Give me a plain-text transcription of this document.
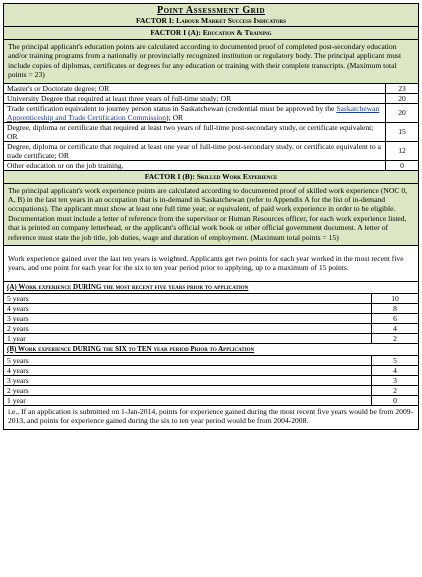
Point Assessment Grid
FACTOR I: Labour Market Success Indicators
FACTOR I (A): Education & Training
The principal applicant's education points are calculated according to documented proof of completed post-secondary education and/or training programs from a nationally or provincially recognized institution or regulatory body. The principal applicant must include copies of diplomas, certificates or degrees for any education or training with their complete transcripts. (Maximum total points = 23)
Master's or Doctorate degree; OR	23
University Degree that required at least three years of full-time study; OR	20
Trade certification equivalent to journey person status in Saskatchewan (credential must be approved by the Saskatchewan Apprenticeship and Trade Certification Commission); OR	20
Degree, diploma or certificate that required at least two years of full-time post-secondary study, or certificate equivalent; OR	15
Degree, diploma or certificate that required at least one year of full-time post-secondary study, or certificate equivalent to a trade certificate; OR	12
Other education or on the job training.	0
FACTOR I (B): Skilled Work Experience
The principal applicant's work experience points are calculated according to documented proof of skilled work experience (NOC 0, A, B) in the last ten years in an occupation that is in-demand in Saskatchewan (refer to Appendix A for the list of in-demand occupations). The applicant must show at least one full time year, or equivalent, of paid work experience in order to be eligible. Documentation must include a letter of reference from the supervisor or Human Resources officer, for each work experience listed, that is printed on company letterhead, or the applicant's official work book or other official government document. A letter of reference must state the job title, job duties, wage and duration of employment. (Maximum total points = 15)
Work experience gained over the last ten years is weighted. Applicants get two points for each year worked in the most recent five years, and one point for each year for the six to ten year period prior to applying, up to a maximum of 15 points.
(A) Work experience DURING the most recent five years prior to application
5 years	10
4 years	8
3 years	6
2 years	4
1 year	2
(B) Work experience DURING the SIX to TEN year period Prior to Application
5 years	5
4 years	4
3 years	3
2 years	2
1 year	0
i.e., If an application is submitted on 1-Jan-2014, points for experience gained during the most recent five years would be from 2009-2013, and points for experience gained during the six to ten year period would be from 2004-2008.
